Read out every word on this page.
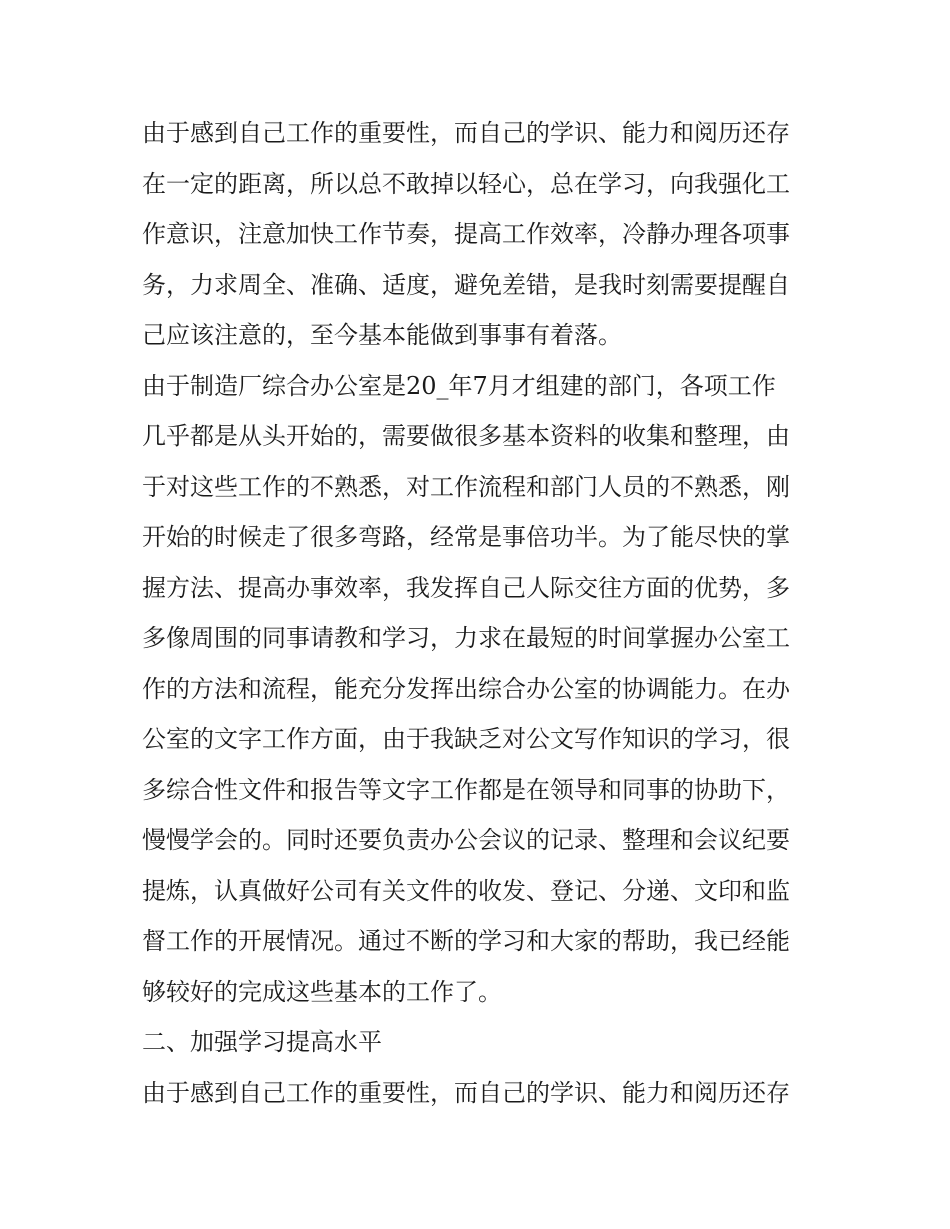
由于感到自己工作的重要性，而自己的学识、能力和阅历还存
在一定的距离，所以总不敢掉以轻心，总在学习，向我强化工
作意识，注意加快工作节奏，提高工作效率，冷静办理各项事
务，力求周全、准确、适度，避免差错，是我时刻需要提醒自
己应该注意的，至今基本能做到事事有着落。
由于制造厂综合办公室是20_年7月才组建的部门，各项工作
几乎都是从头开始的，需要做很多基本资料的收集和整理，由
于对这些工作的不熟悉，对工作流程和部门人员的不熟悉，刚
开始的时候走了很多弯路，经常是事倍功半。为了能尽快的掌
握方法、提高办事效率，我发挥自己人际交往方面的优势，多
多像周围的同事请教和学习，力求在最短的时间掌握办公室工
作的方法和流程，能充分发挥出综合办公室的协调能力。在办
公室的文字工作方面，由于我缺乏对公文写作知识的学习，很
多综合性文件和报告等文字工作都是在领导和同事的协助下，
慢慢学会的。同时还要负责办公会议的记录、整理和会议纪要
提炼，认真做好公司有关文件的收发、登记、分递、文印和监
督工作的开展情况。通过不断的学习和大家的帮助，我已经能
够较好的完成这些基本的工作了。
二、加强学习提高水平
由于感到自己工作的重要性，而自己的学识、能力和阅历还存
